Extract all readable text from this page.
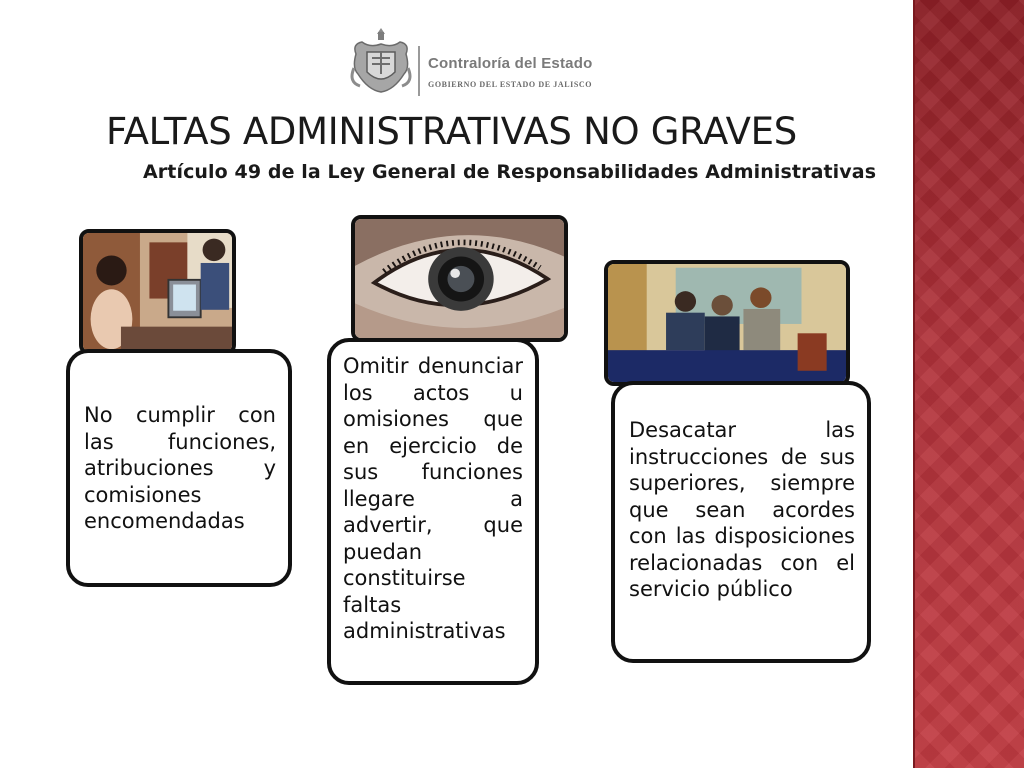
Contraloría del Estado
GOBIERNO DEL ESTADO DE JALISCO
FALTAS ADMINISTRATIVAS NO GRAVES
Artículo 49 de la Ley General de Responsabilidades Administrativas

No cumplir con las funciones, atribuciones y comisiones encomendadas

Omitir denunciar los actos u omisiones que en ejercicio de sus funciones llegare a advertir, que puedan constituirse faltas administrativas

Desacatar las instrucciones de sus superiores, siempre que sean acordes con las disposiciones relacionadas con el servicio público
